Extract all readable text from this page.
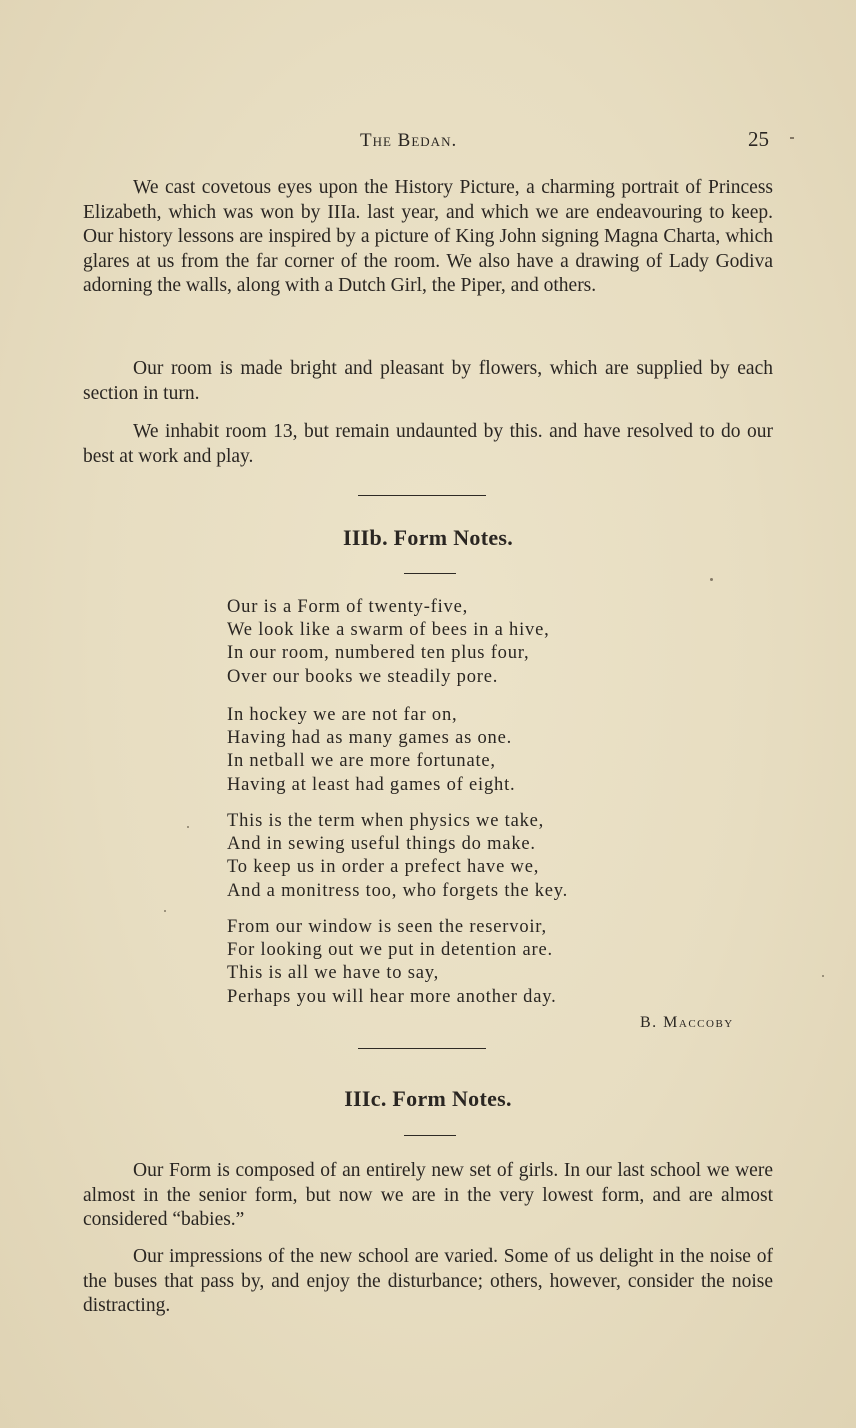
The Bedan.	25

We cast covetous eyes upon the History Picture, a charming portrait of Princess Elizabeth, which was won by IIIa. last year, and which we are endeavouring to keep. Our history lessons are inspired by a picture of King John signing Magna Charta, which glares at us from the far corner of the room. We also have a drawing of Lady Godiva adorning the walls, along with a Dutch Girl, the Piper, and others.

Our room is made bright and pleasant by flowers, which are supplied by each section in turn.

We inhabit room 13, but remain undaunted by this. and have resolved to do our best at work and play.

IIIb. Form Notes.
Our is a Form of twenty-five,
We look like a swarm of bees in a hive,
In our room, numbered ten plus four,
Over our books we steadily pore.
In hockey we are not far on,
Having had as many games as one.
In netball we are more fortunate,
Having at least had games of eight.
This is the term when physics we take,
And in sewing useful things do make.
To keep us in order a prefect have we,
And a monitress too, who forgets the key.
From our window is seen the reservoir,
For looking out we put in detention are.
This is all we have to say,
Perhaps you will hear more another day.
B. Maccoby
IIIc. Form Notes.

Our Form is composed of an entirely new set of girls. In our last school we were almost in the senior form, but now we are in the very lowest form, and are almost considered “babies.”

Our impressions of the new school are varied. Some of us delight in the noise of the buses that pass by, and enjoy the disturbance; others, however, consider the noise distracting.
